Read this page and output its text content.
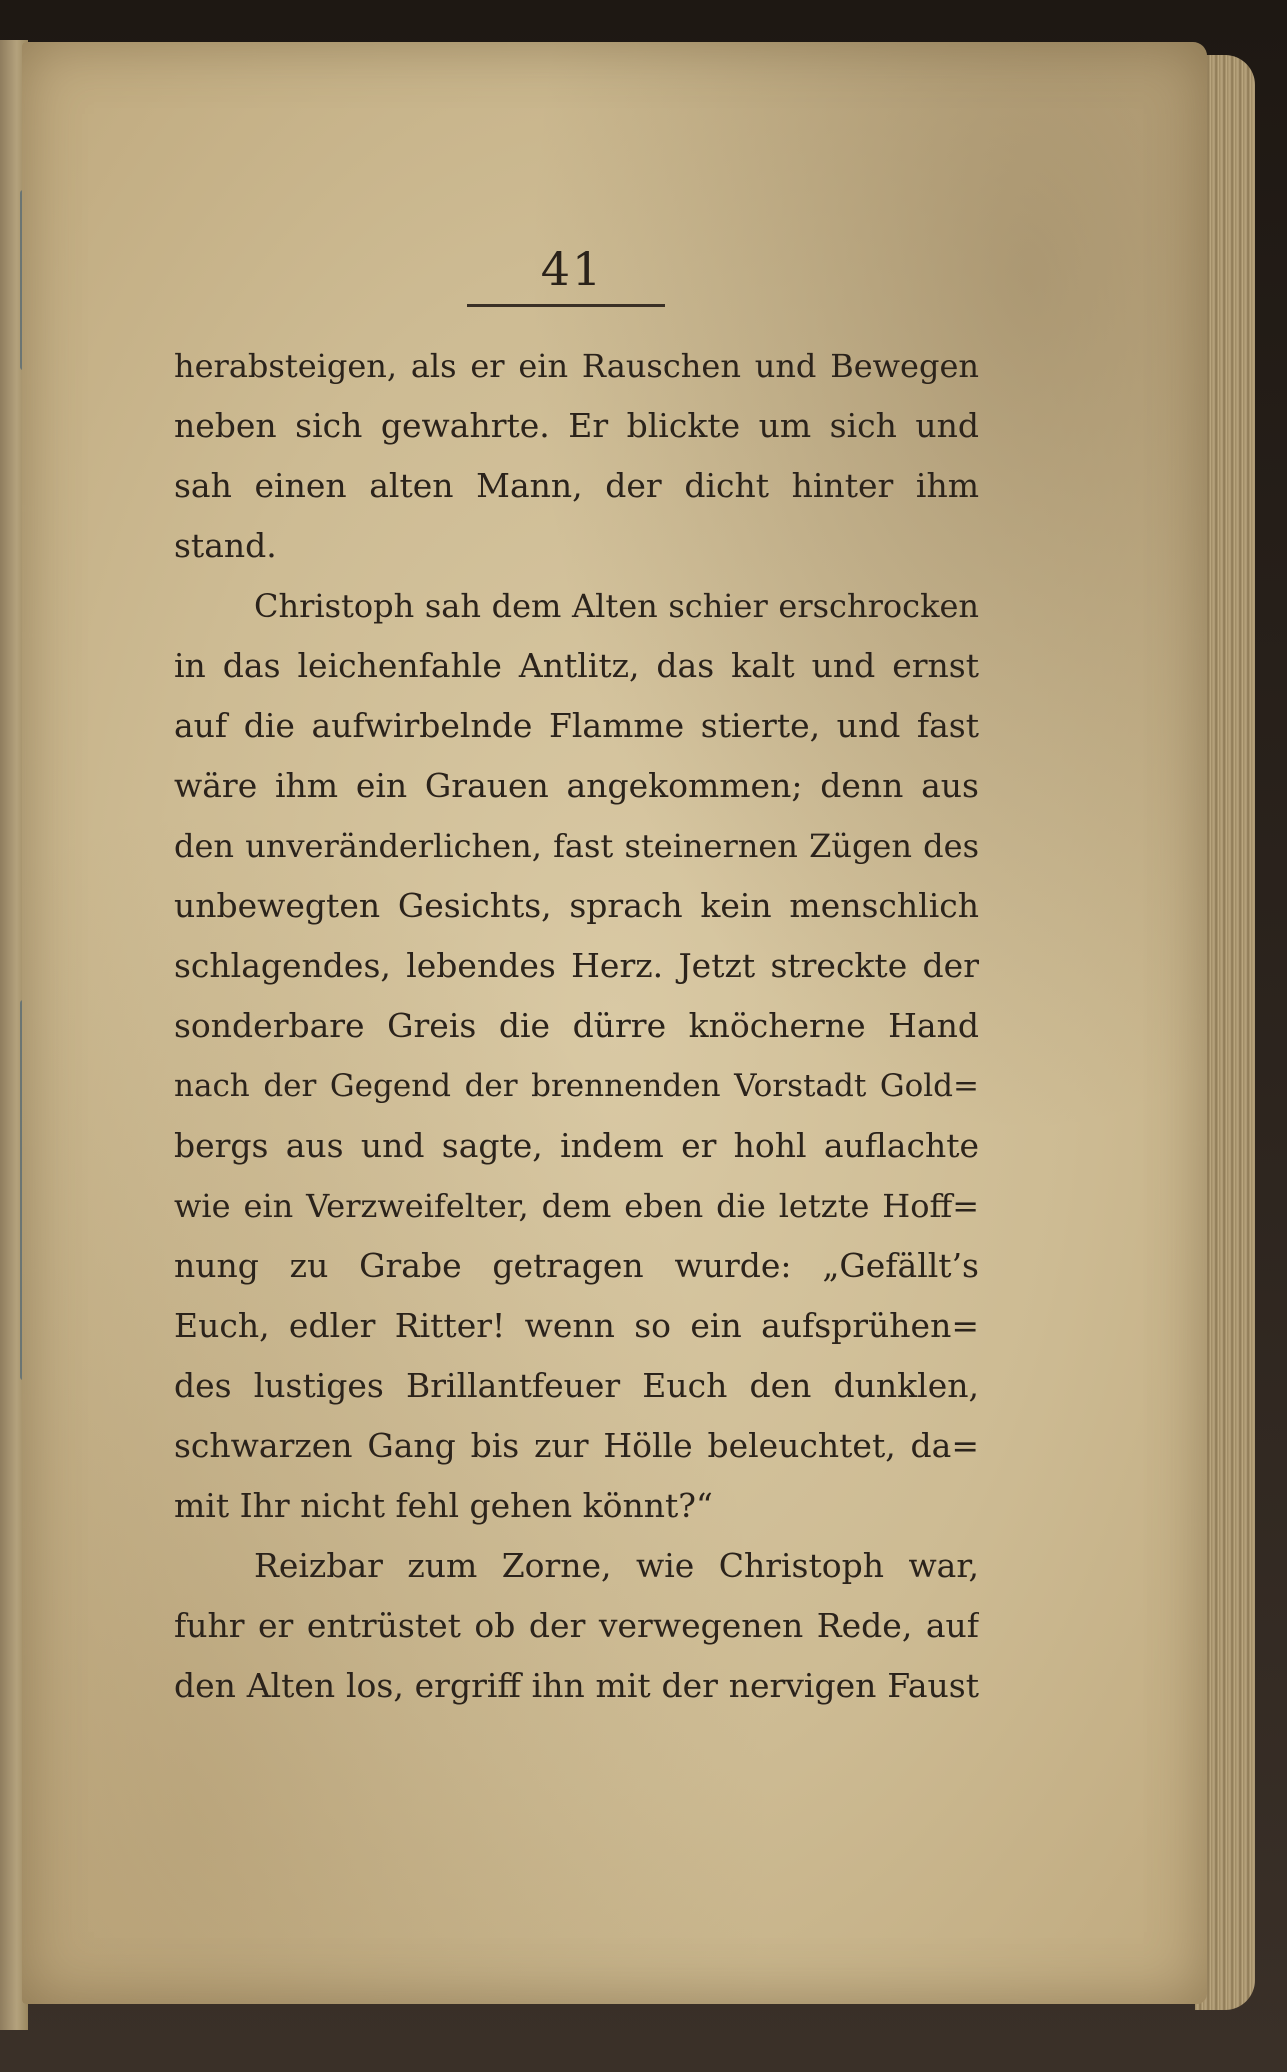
41
herabsteigen, als er ein Rauschen und Bewegen
neben sich gewahrte. Er blickte um sich und
sah einen alten Mann, der dicht hinter ihm
stand.
Christoph sah dem Alten schier erschrocken
in das leichenfahle Antlitz, das kalt und ernst
auf die aufwirbelnde Flamme stierte, und fast
wäre ihm ein Grauen angekommen; denn aus
den unveränderlichen, fast steinernen Zügen des
unbewegten Gesichts, sprach kein menschlich
schlagendes, lebendes Herz. Jetzt streckte der
sonderbare Greis die dürre knöcherne Hand
nach der Gegend der brennenden Vorstadt Gold=
bergs aus und sagte, indem er hohl auflachte
wie ein Verzweifelter, dem eben die letzte Hoff=
nung zu Grabe getragen wurde: „Gefällt’s
Euch, edler Ritter! wenn so ein aufsprühen=
des lustiges Brillantfeuer Euch den dunklen,
schwarzen Gang bis zur Hölle beleuchtet, da=
mit Ihr nicht fehl gehen könnt?“
Reizbar zum Zorne, wie Christoph war,
fuhr er entrüstet ob der verwegenen Rede, auf
den Alten los, ergriff ihn mit der nervigen Faust
